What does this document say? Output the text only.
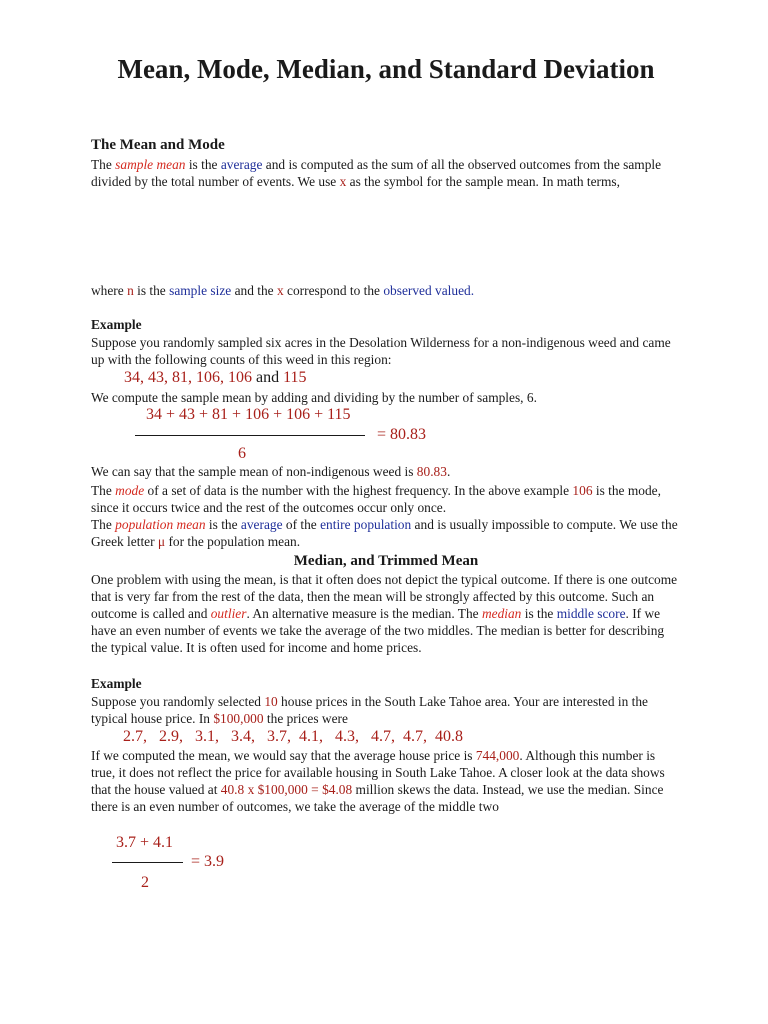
Mean, Mode, Median, and Standard Deviation
The Mean and Mode

The sample mean is the average and is computed as the sum of all the observed outcomes from the sample divided by the total number of events. We use x as the symbol for the sample mean. In math terms,

where n is the sample size and the x correspond to the observed valued.

Example

Suppose you randomly sampled six acres in the Desolation Wilderness for a non-indigenous weed and came up with the following counts of this weed in this region:

34, 43, 81, 106, 106 and 115

We compute the sample mean by adding and dividing by the number of samples, 6.

34 + 43 + 81 + 106 + 106 + 115
= 80.83
6

We can say that the sample mean of non-indigenous weed is 80.83.

The mode of a set of data is the number with the highest frequency. In the above example 106 is the mode, since it occurs twice and the rest of the outcomes occur only once.

The population mean is the average of the entire population and is usually impossible to compute. We use the Greek letter μ for the population mean.

Median, and Trimmed Mean

One problem with using the mean, is that it often does not depict the typical outcome. If there is one outcome that is very far from the rest of the data, then the mean will be strongly affected by this outcome. Such an outcome is called and outlier. An alternative measure is the median. The median is the middle score. If we have an even number of events we take the average of the two middles. The median is better for describing the typical value. It is often used for income and home prices.

Example

Suppose you randomly selected 10 house prices in the South Lake Tahoe area. Your are interested in the typical house price. In $100,000 the prices were

2.7,   2.9,   3.1,   3.4,   3.7,  4.1,   4.3,   4.7,  4.7,  40.8

If we computed the mean, we would say that the average house price is 744,000. Although this number is true, it does not reflect the price for available housing in South Lake Tahoe. A closer look at the data shows that the house valued at 40.8 x $100,000 = $4.08 million skews the data. Instead, we use the median. Since there is an even number of outcomes, we take the average of the middle two

3.7 + 4.1
= 3.9
2
